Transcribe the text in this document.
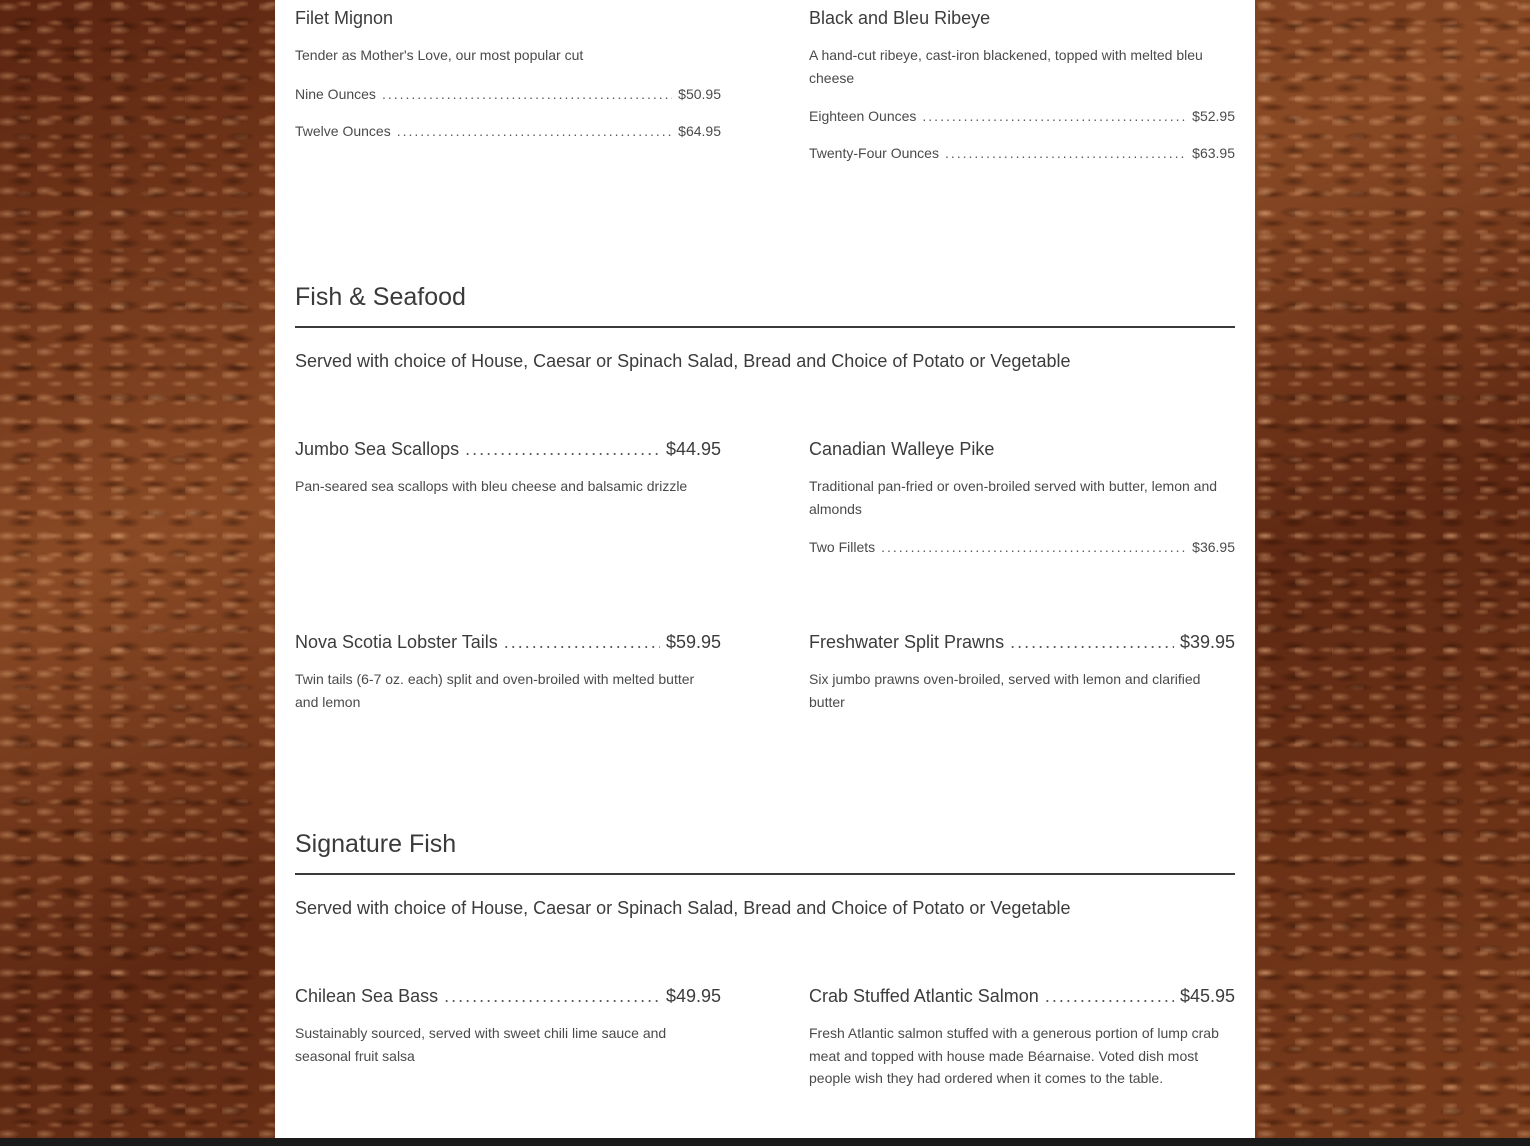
Filet Mignon
Tender as Mother's Love, our most popular cut
Nine Ounces .....	$50.95
Twelve Ounces .....	$64.95
Black and Bleu Ribeye
A hand-cut ribeye, cast-iron blackened, topped with melted bleu cheese
Eighteen Ounces .....	$52.95
Twenty-Four Ounces .....	$63.95
Fish & Seafood
Served with choice of House, Caesar or Spinach Salad, Bread and Choice of Potato or Vegetable
Jumbo Sea Scallops .....	$44.95
Pan-seared sea scallops with bleu cheese and balsamic drizzle
Canadian Walleye Pike
Traditional pan-fried or oven-broiled served with butter, lemon and almonds
Two Fillets .....	$36.95
Nova Scotia Lobster Tails .....	$59.95
Twin tails (6-7 oz. each) split and oven-broiled with melted butter and lemon
Freshwater Split Prawns .....	$39.95
Six jumbo prawns oven-broiled, served with lemon and clarified butter
Signature Fish
Served with choice of House, Caesar or Spinach Salad, Bread and Choice of Potato or Vegetable
Chilean Sea Bass .....	$49.95
Sustainably sourced, served with sweet chili lime sauce and seasonal fruit salsa
Crab Stuffed Atlantic Salmon .....	$45.95
Fresh Atlantic salmon stuffed with a generous portion of lump crab meat and topped with house made Béarnaise. Voted dish most people wish they had ordered when it comes to the table.
